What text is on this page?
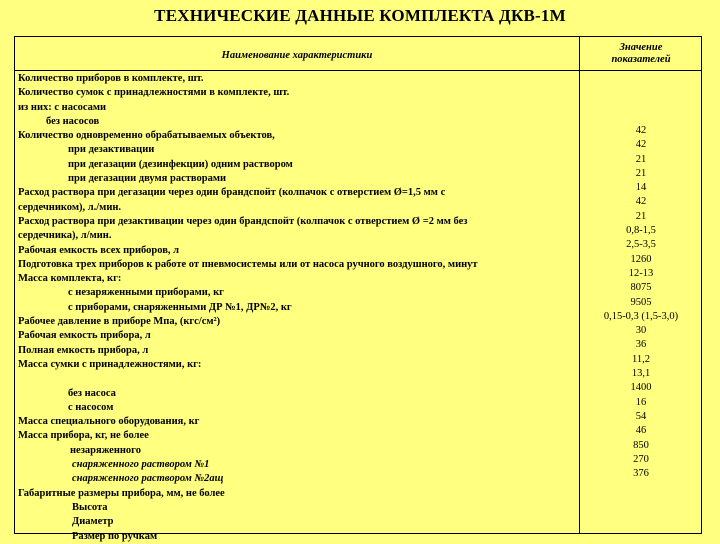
ТЕХНИЧЕСКИЕ ДАННЫЕ КОМПЛЕКТА ДКВ-1М
Наименование характеристики
Значение
показателей
Количество приборов в комплекте, шт.
Количество сумок с принадлежностями в комплекте, шт.
из них: с насосами
без насосов
Количество одновременно обрабатываемых объектов,
при дезактивации
при дегазации (дезинфекции) одним раствором
при дегазации двумя растворами
Расход раствора при дегазации через один брандспойт (колпачок с отверстием Ø=1,5 мм с
сердечником), л./мин.
Расход раствора при дезактивации через один брандспойт (колпачок с отверстием Ø =2 мм без
сердечника), л/мин.
Рабочая емкость всех приборов, л
Подготовка трех приборов к работе от пневмосистемы или от насоса ручного воздушного, минут
Масса комплекта, кг:
с незаряженными приборами, кг
с приборами, снаряженными ДР №1, ДР№2, кг
Рабочее давление в приборе Мпа, (кгс/см²)
Рабочая емкость прибора, л
Полная емкость прибора, л
Масса сумки с принадлежностями, кг:
без насоса
с насосом
Масса специального оборудования, кг
Масса прибора, кг, не более
незаряженного
снаряженного раствором №1
снаряженного раствором №2ащ
Габаритные размеры прибора, мм, не более
Высота
Диаметр
Размер по ручкам
42
42
21
21
14
42
21
0,8-1,5
2,5-3,5
1260
12-13
8075
9505
0,15-0,3 (1,5-3,0)
30
36
11,2
13,1
1400
16
54
46
850
270
376
